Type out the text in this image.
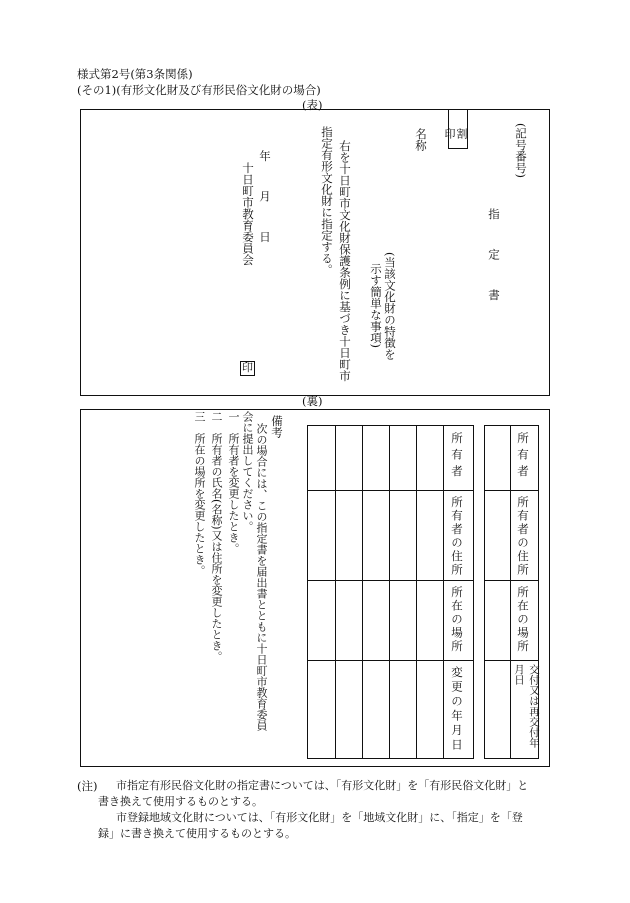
様式第2号(第3条関係)
(その1)(有形文化財及び有形民俗文化財の場合)
(表)
(記号番号)
指　　定　　書
割　印
名称
(当該文化財の特徴を
示す簡単な事項)
右を十日町市文化財保護条例に基づき十日町市
指定有形文化財に指定する。
年　　月　　日
十日町市教育委員会
印
(裏)
所有者
所有者の住所
所在の場所
交付又は再交付年月日
所有者
所有者の住所
所在の場所
変更の年月日
備考
次の場合には、この指定書を届出書とともに十日町市教育委員
会に提出してください。
一　所有者を変更したとき。
二　所有者の氏名(名称)又は住所を変更したとき。
三　所在の場所を変更したとき。
(注) 市指定有形民俗文化財の指定書については、「有形文化財」を「有形民俗文化財」と
書き換えて使用するものとする。
市登録地域文化財については、「有形文化財」を「地域文化財」に、「指定」を「登
録」に書き換えて使用するものとする。
